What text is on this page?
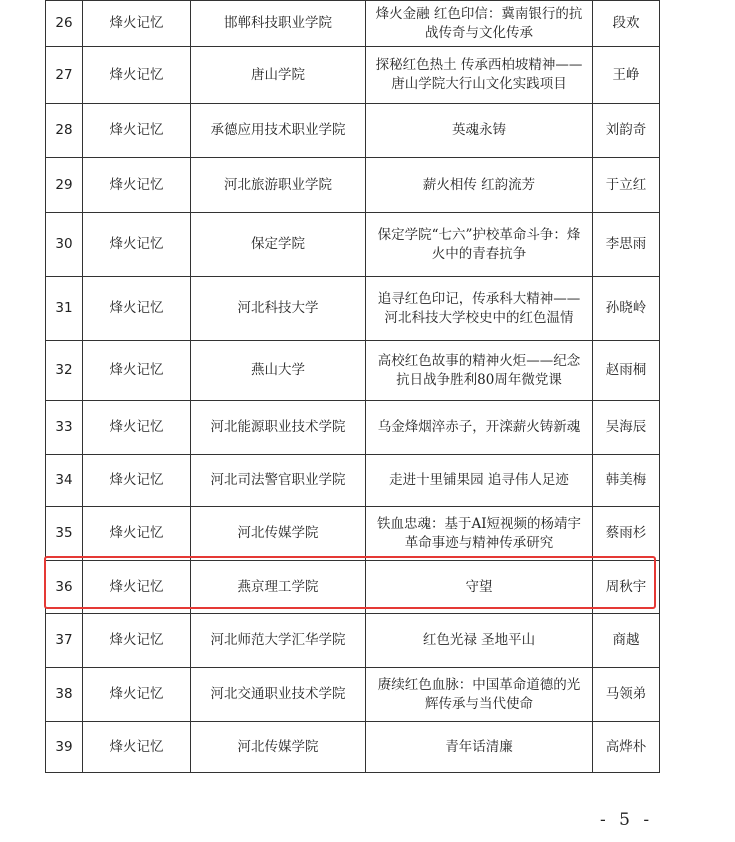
26	烽火记忆	邯郸科技职业学院	烽火金融 红色印信：冀南银行的抗战传奇与文化传承	段欢
27	烽火记忆	唐山学院	探秘红色热土 传承西柏坡精神——唐山学院大行山文化实践项目	王峥
28	烽火记忆	承德应用技术职业学院	英魂永铸	刘韵奇
29	烽火记忆	河北旅游职业学院	薪火相传 红韵流芳	于立红
30	烽火记忆	保定学院	保定学院“七六”护校革命斗争：烽火中的青春抗争	李思雨
31	烽火记忆	河北科技大学	追寻红色印记，传承科大精神——河北科技大学校史中的红色温情	孙晓岭
32	烽火记忆	燕山大学	高校红色故事的精神火炬——纪念抗日战争胜利80周年微党课	赵雨桐
33	烽火记忆	河北能源职业技术学院	乌金烽烟淬赤子，开滦薪火铸新魂	吴海辰
34	烽火记忆	河北司法警官职业学院	走进十里铺果园 追寻伟人足迹	韩美梅
35	烽火记忆	河北传媒学院	铁血忠魂：基于AI短视频的杨靖宇革命事迹与精神传承研究	蔡雨杉
36	烽火记忆	燕京理工学院	守望	周秋宇
37	烽火记忆	河北师范大学汇华学院	红色光禄 圣地平山	商越
38	烽火记忆	河北交通职业技术学院	赓续红色血脉：中国革命道德的光辉传承与当代使命	马领弟
39	烽火记忆	河北传媒学院	青年话清廉	高烨朴
- 5 -
